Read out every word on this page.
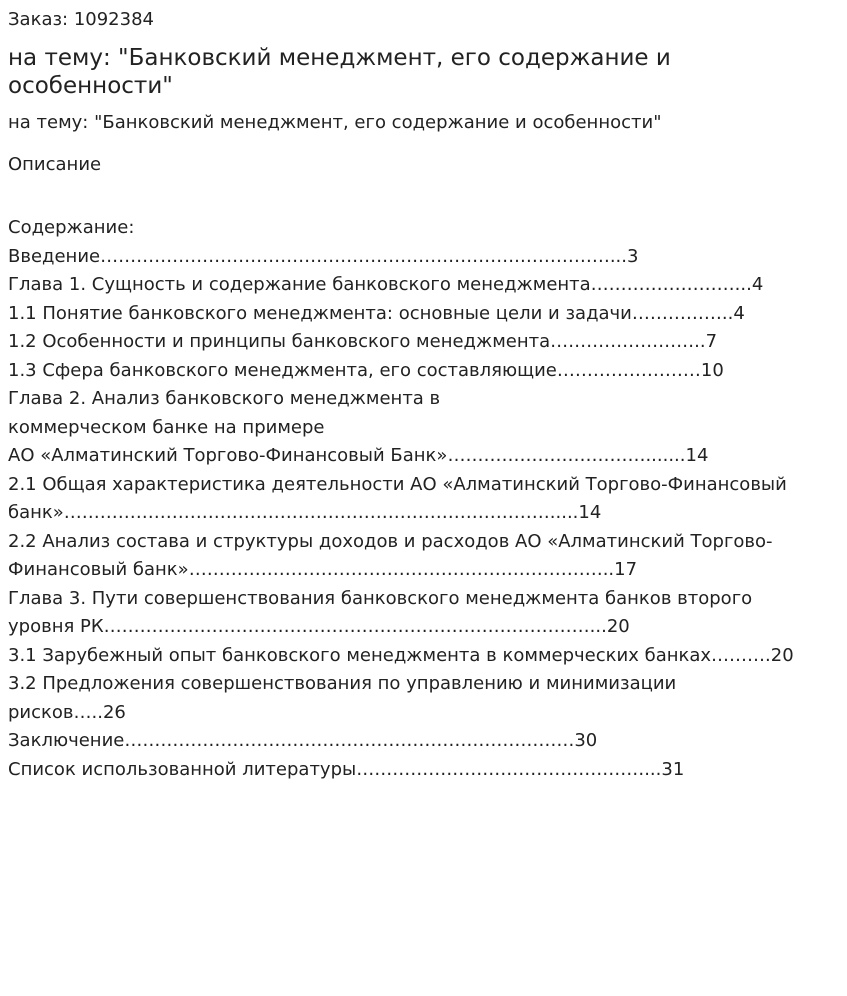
Заказ: 1092384
на тему: "Банковский менеджмент, его содержание и особенности"
на тему: "Банковский менеджмент, его содержание и особенности"
Описание
Содержание:
Введение…………………………………………………………….……………...3
Глава 1. Сущность и содержание банковского менеджмента……………………...4
1.1 Понятие банковского менеджмента: основные цели и задачи……………..4
1.2 Особенности и принципы банковского менеджмента……………………..7
1.3 Сфера банковского менеджмента, его составляющие……………………10
Глава 2. Анализ банковского менеджмента в
коммерческом банке на примере
АО «Алматинский Торгово-Финансовый Банк»…………………………….......14
2.1 Общая характеристика деятельности АО «Алматинский Торгово-Финансовый
банк»……………………………………………………………………….....14
2.2 Анализ состава и структуры доходов и расходов АО «Алматинский Торгово-
Финансовый банк»……………………………………………………………..17
Глава 3. Пути совершенствования банковского менеджмента банков второго
уровня РК………………………………………………………………………...20
3.1 Зарубежный опыт банковского менеджмента в коммерческих банках……….20
3.2 Предложения совершенствования по управлению и минимизации
рисков…..26
Заключение…………………………………………………………………30
Список использованной литературы…………………………………………...31
